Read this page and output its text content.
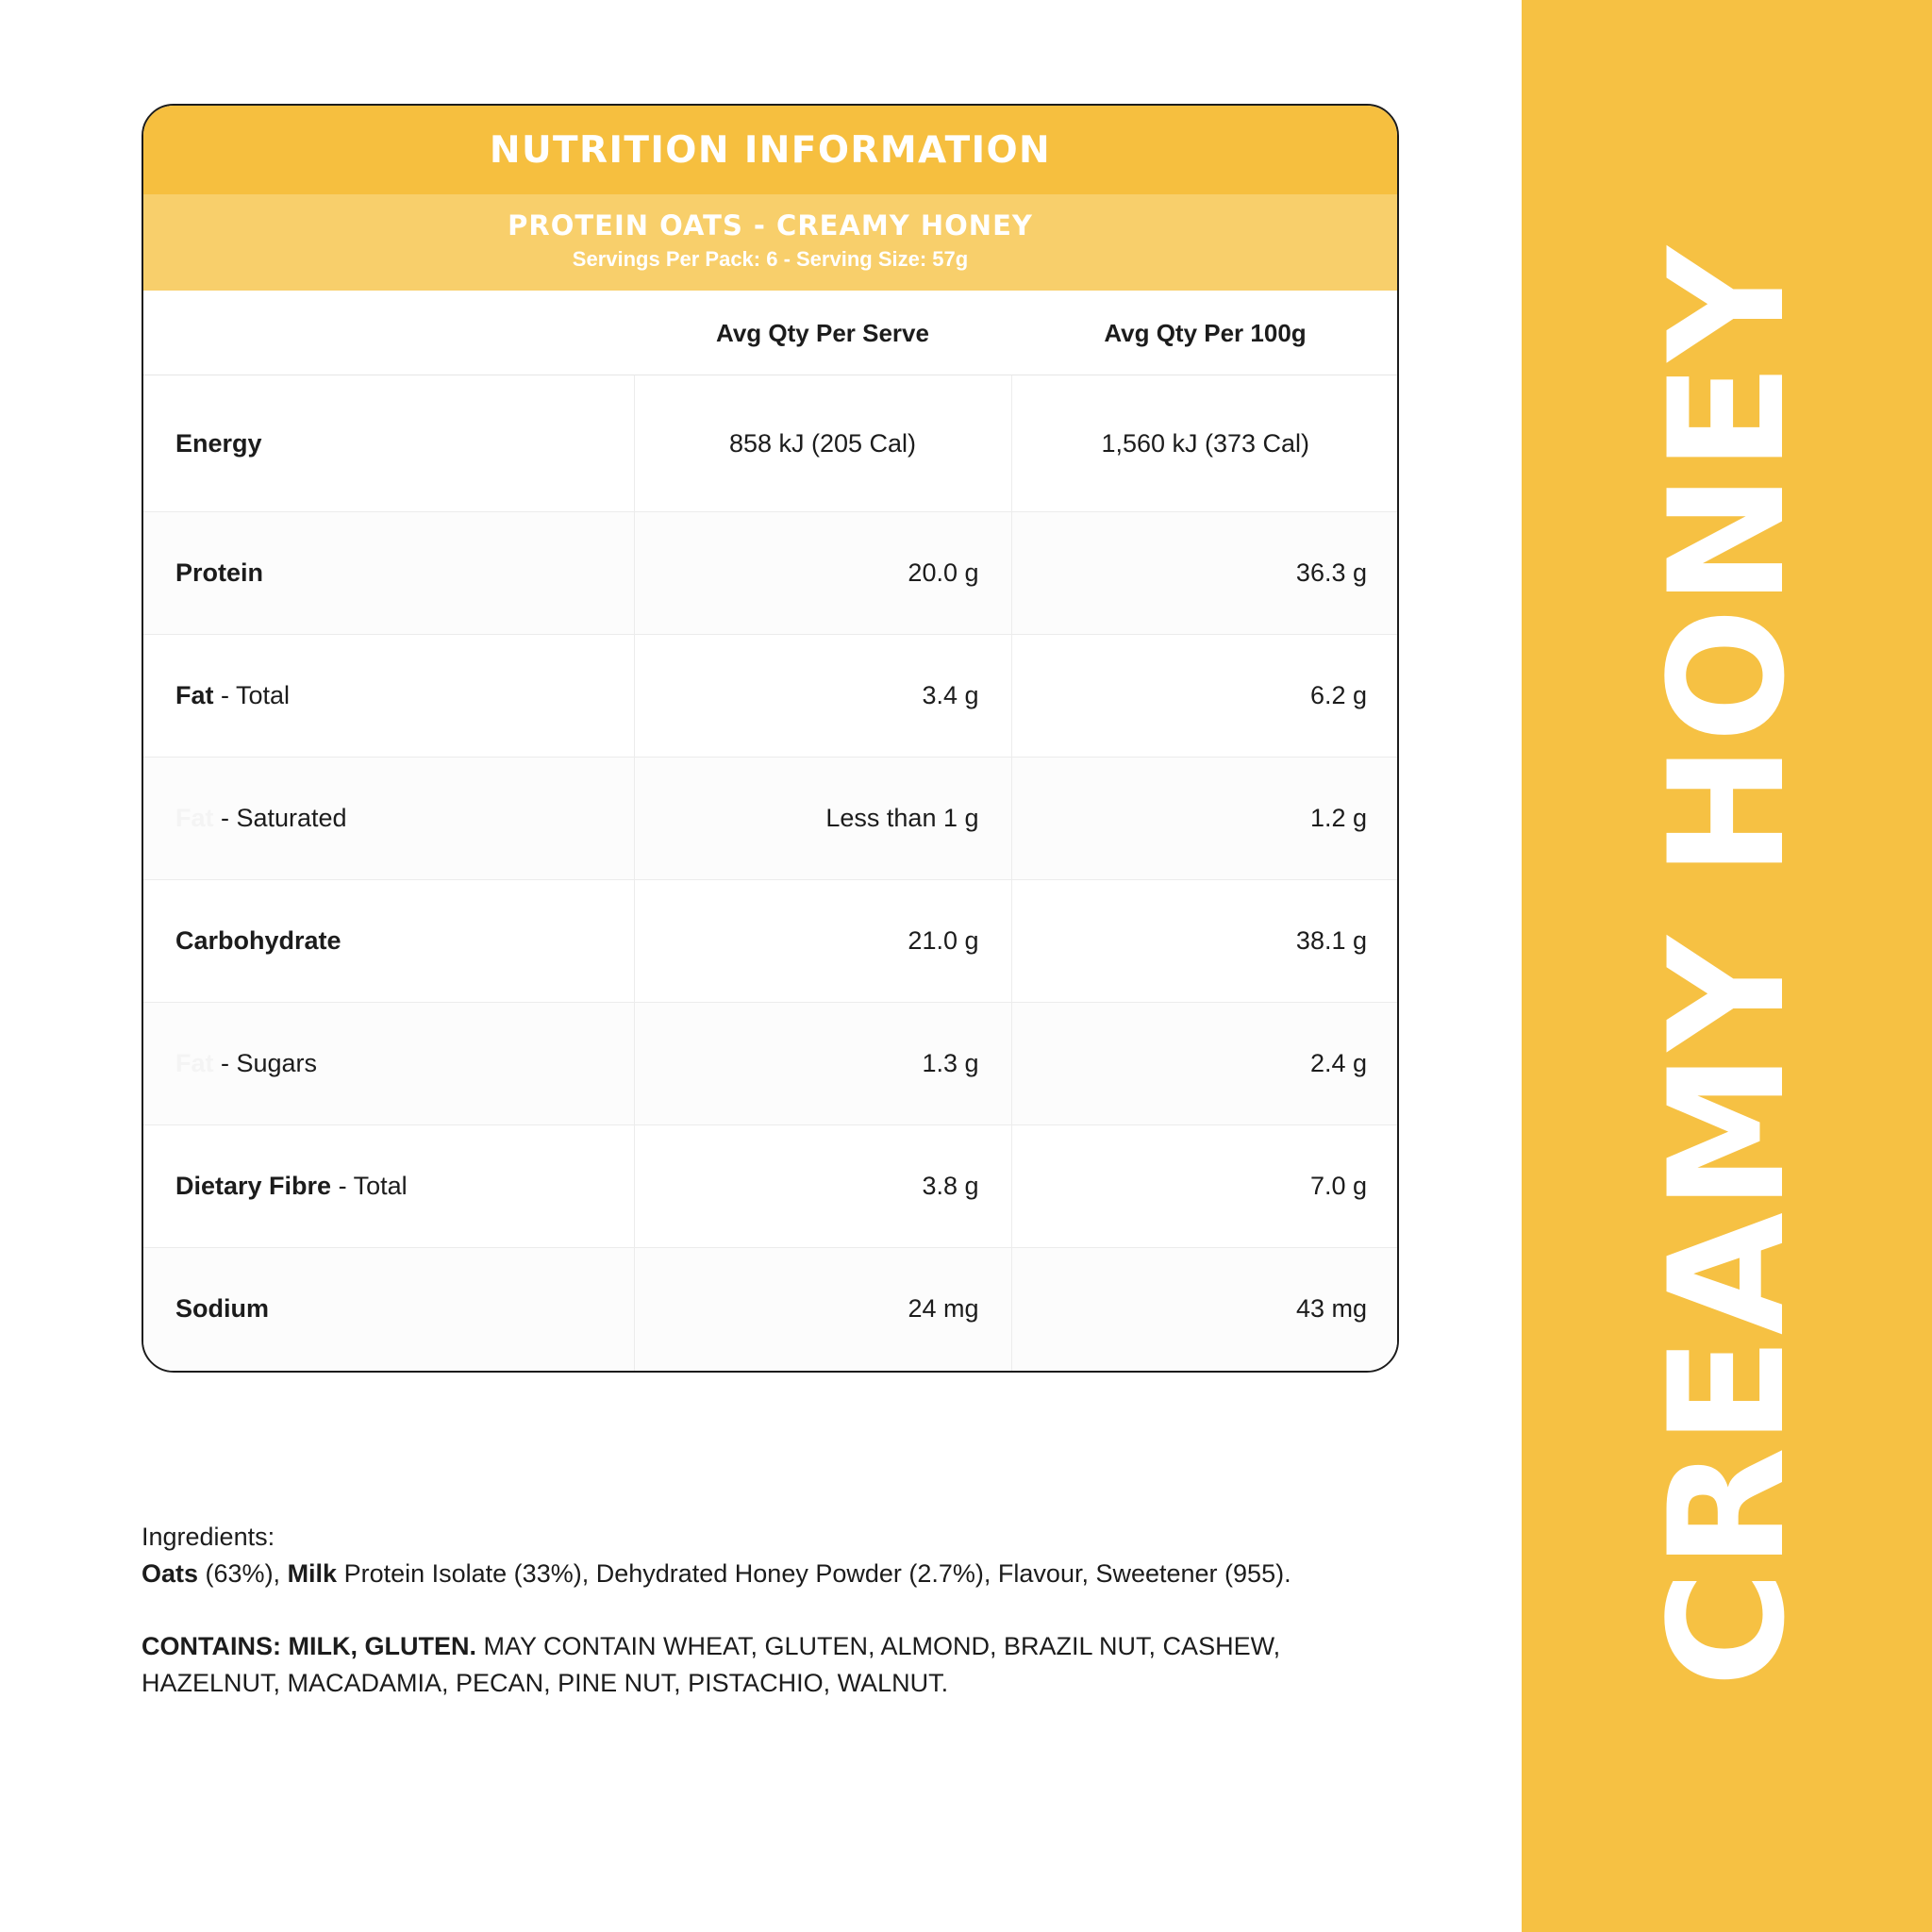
NUTRITION INFORMATION
PROTEIN OATS - CREAMY HONEY
Servings Per Pack: 6 - Serving Size: 57g
	Avg Qty Per Serve	Avg Qty Per 100g
Energy	858 kJ (205 Cal)	1,560 kJ (373 Cal)
Protein	20.0 g	36.3 g
Fat - Total	3.4 g	6.2 g
Fat - Saturated	Less than 1 g	1.2 g
Carbohydrate	21.0 g	38.1 g
Fat - Sugars	1.3 g	2.4 g
Dietary Fibre - Total	3.8 g	7.0 g
Sodium	24 mg	43 mg
Ingredients:
Oats (63%), Milk Protein Isolate (33%), Dehydrated Honey Powder (2.7%), Flavour, Sweetener (955).
CONTAINS: MILK, GLUTEN. MAY CONTAIN WHEAT, GLUTEN, ALMOND, BRAZIL NUT, CASHEW, HAZELNUT, MACADAMIA, PECAN, PINE NUT, PISTACHIO, WALNUT.	CREAMY HONEY
